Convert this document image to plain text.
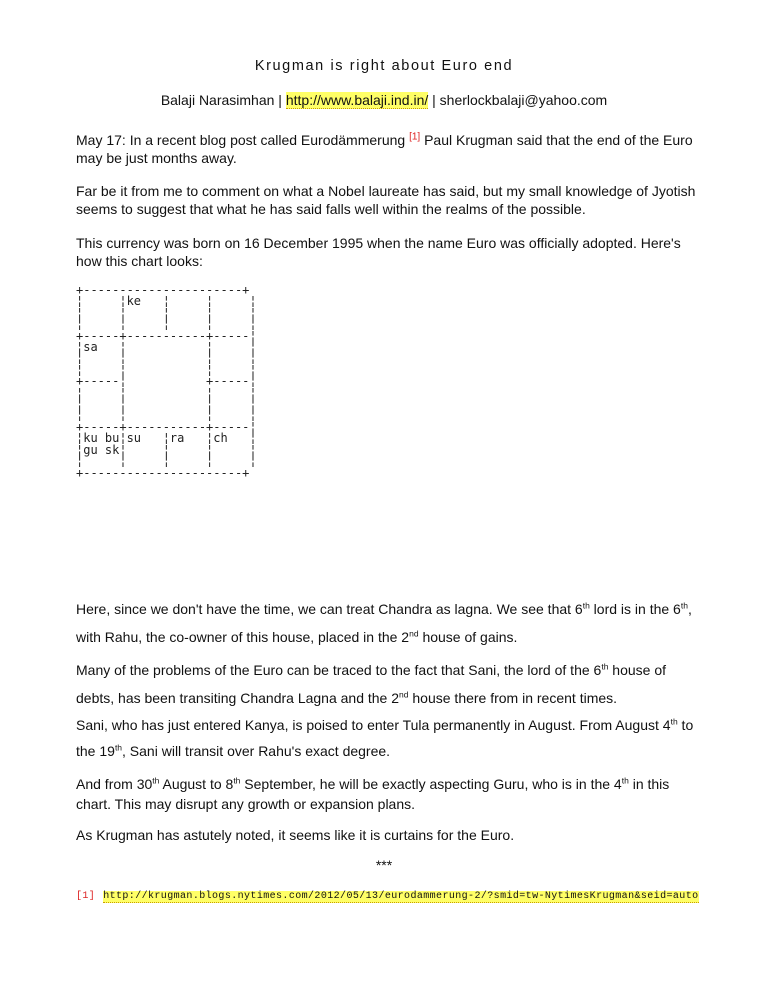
Krugman is right about Euro end
Balaji Narasimhan | http://www.balaji.ind.in/ | sherlockbalaji@yahoo.com
May 17: In a recent blog post called Eurodämmerung [1] Paul Krugman said that the end of the Euro may be just months away.
Far be it from me to comment on what a Nobel laureate has said, but my small knowledge of Jyotish seems to suggest that what he has said falls well within the realms of the possible.
This currency was born on 16 December 1995 when the name Euro was officially adopted. Here's how this chart looks:
+----------------------+
¦     ¦ke   ¦     ¦     ¦
¦     ¦     ¦     ¦     ¦
¦     ¦     ¦     ¦     ¦
+-----+-----------+-----¦
¦sa   ¦           ¦     ¦
¦     ¦           ¦     ¦
¦     ¦           ¦     ¦
+-----¦           +-----¦
¦     ¦           ¦     ¦
¦     ¦           ¦     ¦
¦     ¦           ¦     ¦
+-----+-----------+-----¦
¦ku bu¦su   ¦ra   ¦ch   ¦
¦gu sk¦     ¦     ¦     ¦
¦     ¦     ¦     ¦     ¦
+----------------------+
Here, since we don't have the time, we can treat Chandra as lagna. We see that 6th lord is in the 6th, with Rahu, the co-owner of this house, placed in the 2nd house of gains.
Many of the problems of the Euro can be traced to the fact that Sani, the lord of the 6th house of debts, has been transiting Chandra Lagna and the 2nd house there from in recent times.
Sani, who has just entered Kanya, is poised to enter Tula permanently in August. From August 4th to the 19th, Sani will transit over Rahu's exact degree.
And from 30th August to 8th September, he will be exactly aspecting Guru, who is in the 4th in this chart. This may disrupt any growth or expansion plans.
As Krugman has astutely noted, it seems like it is curtains for the Euro.
***
[1] http://krugman.blogs.nytimes.com/2012/05/13/eurodammerung-2/?smid=tw-NytimesKrugman&seid=auto
